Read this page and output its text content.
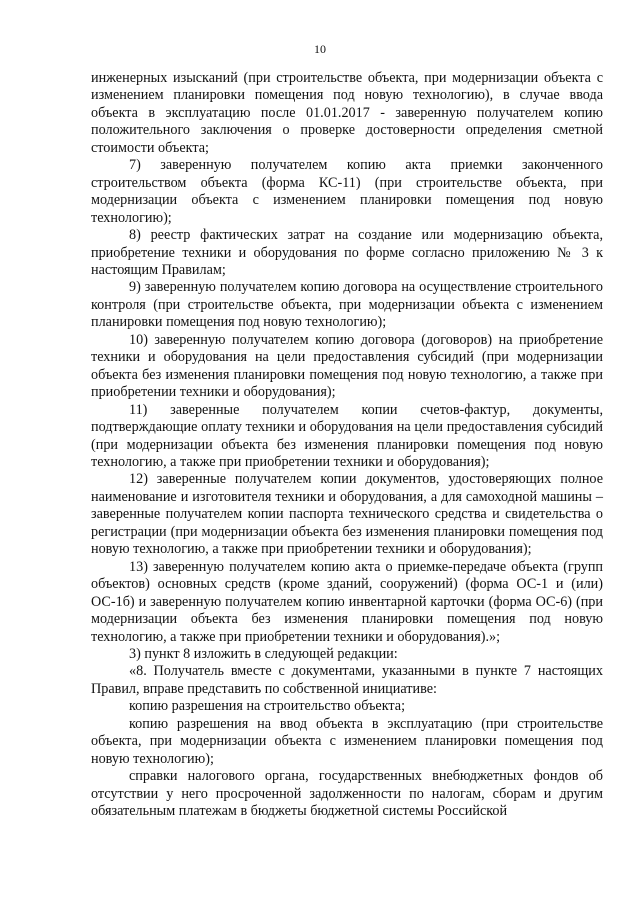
10

инженерных изысканий (при строительстве объекта, при модернизации объекта с изменением планировки помещения под новую технологию), в случае ввода объекта в эксплуатацию после 01.01.2017 - заверенную получателем копию положительного заключения о проверке достоверности определения сметной стоимости объекта;

7) заверенную получателем копию акта приемки законченного строительством объекта (форма КС-11) (при строительстве объекта, при модернизации объекта с изменением планировки помещения под новую технологию);

8) реестр фактических затрат на создание или модернизацию объекта, приобретение техники и оборудования по форме согласно приложению № 3 к настоящим Правилам;

9) заверенную получателем копию договора на осуществление строительного контроля (при строительстве объекта, при модернизации объекта с изменением планировки помещения под новую технологию);

10) заверенную получателем копию договора (договоров) на приобретение техники и оборудования на цели предоставления субсидий (при модернизации объекта без изменения планировки помещения под новую технологию, а также при приобретении техники и оборудования);

11) заверенные получателем копии счетов-фактур, документы, подтверждающие оплату техники и оборудования на цели предоставления субсидий (при модернизации объекта без изменения планировки помещения под новую технологию, а также при приобретении техники и оборудования);

12) заверенные получателем копии документов, удостоверяющих полное наименование и изготовителя техники и оборудования, а для самоходной машины – заверенные получателем копии паспорта технического средства и свидетельства о регистрации (при модернизации объекта без изменения планировки помещения под новую технологию, а также при приобретении техники и оборудования);

13) заверенную получателем копию акта о приемке-передаче объекта (групп объектов) основных средств (кроме зданий, сооружений) (форма ОС-1 и (или) ОС-1б) и заверенную получателем копию инвентарной карточки (форма ОС-6) (при модернизации объекта без изменения планировки помещения под новую технологию, а также при приобретении техники и оборудования).»;

3) пункт 8 изложить в следующей редакции:

«8. Получатель вместе с документами, указанными в пункте 7 настоящих Правил, вправе представить по собственной инициативе:

копию разрешения на строительство объекта;

копию разрешения на ввод объекта в эксплуатацию (при строительстве объекта, при модернизации объекта с изменением планировки помещения под новую технологию);

справки налогового органа, государственных внебюджетных фондов об отсутствии у него просроченной задолженности по налогам, сборам и другим обязательным платежам в бюджеты бюджетной системы Российской
